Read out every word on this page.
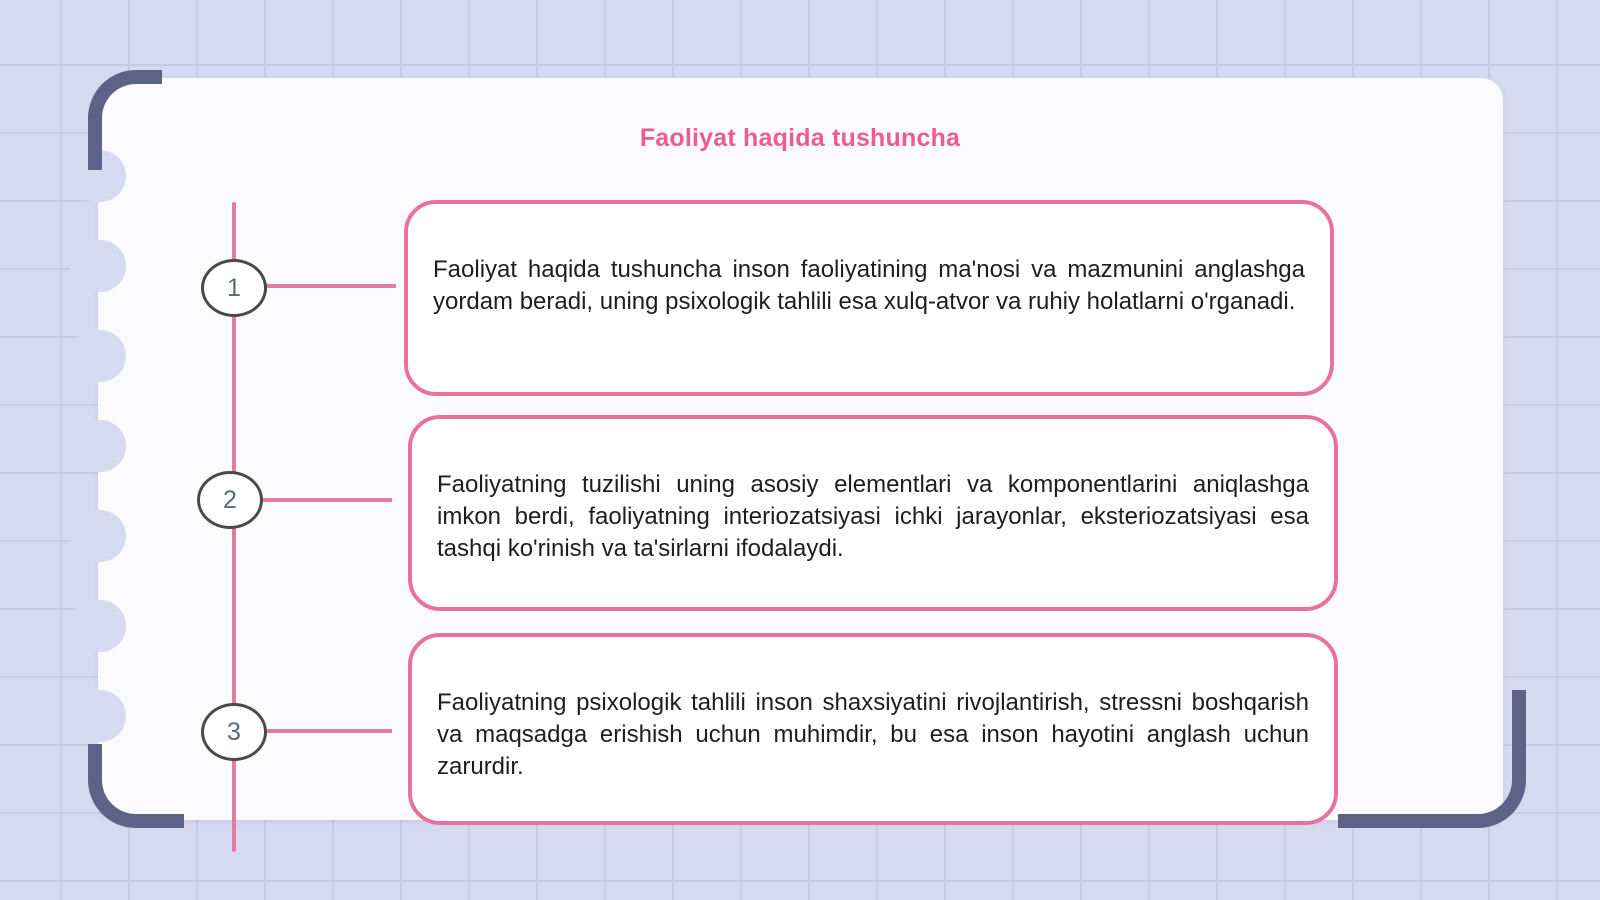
Faoliyat haqida tushuncha
1
2
3
Faoliyat haqida tushuncha inson faoliyatining ma'nosi va mazmunini anglashga yordam beradi, uning psixologik tahlili esa xulq-atvor va ruhiy holatlarni o'rganadi.
Faoliyatning tuzilishi uning asosiy elementlari va komponentlarini aniqlashga imkon berdi, faoliyatning interiozatsiyasi ichki jarayonlar, eksteriozatsiyasi esa tashqi ko'rinish va ta'sirlarni ifodalaydi.
Faoliyatning psixologik tahlili inson shaxsiyatini rivojlantirish, stressni boshqarish va maqsadga erishish uchun muhimdir, bu esa inson hayotini anglash uchun zarurdir.
